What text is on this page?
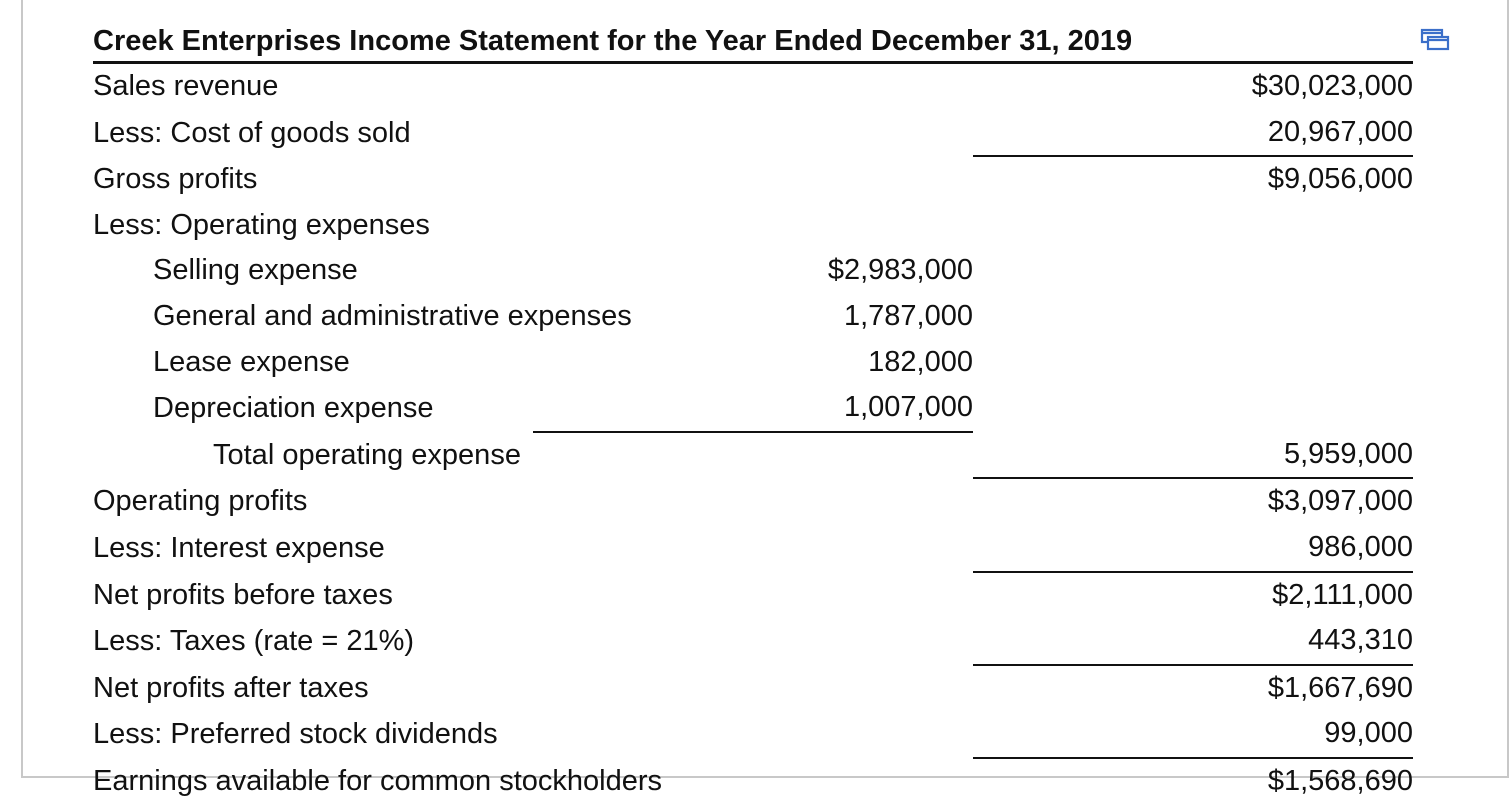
Creek Enterprises Income Statement for the Year Ended December 31, 2019		
Sales revenue		$30,023,000
Less: Cost of goods sold		20,967,000
Gross profits		$9,056,000
Less: Operating expenses		
Selling expense	$2,983,000	
General and administrative expenses	1,787,000	
Lease expense	182,000	
Depreciation expense	1,007,000	
Total operating expense		5,959,000
Operating profits		$3,097,000
Less: Interest expense		986,000
Net profits before taxes		$2,111,000
Less: Taxes (rate = 21%)		443,310
Net profits after taxes		$1,667,690
Less: Preferred stock dividends		99,000
Earnings available for common stockholders		$1,568,690
